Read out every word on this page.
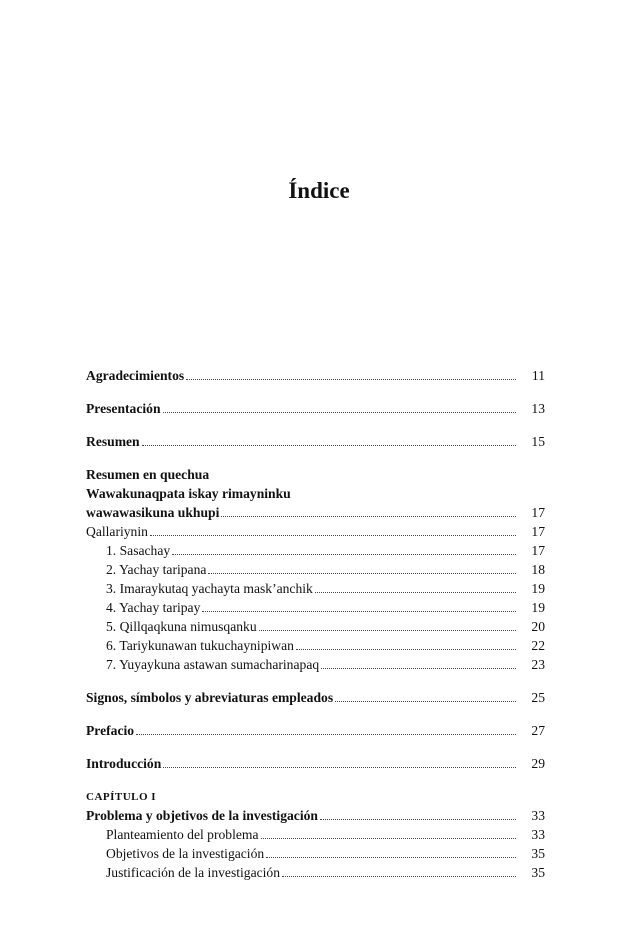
Índice
Agradecimientos	11
Presentación	13
Resumen	15
Resumen en quechua
Wawakunaqpata iskay rimayninku
wawawasikuna ukhupi	17
Qallariynin	17
1. Sasachay	17
2. Yachay taripana	18
3. Imaraykutaq yachayta mask’anchik	19
4. Yachay taripay	19
5. Qillqaqkuna nimusqanku	20
6. Tariykunawan tukuchaynipiwan	22
7. Yuyaykuna astawan sumacharinapaq	23
Signos, símbolos y abreviaturas empleados	25
Prefacio	27
Introducción	29
CAPÍTULO I
Problema y objetivos de la investigación	33
Planteamiento del problema	33
Objetivos de la investigación	35
Justificación de la investigación	35
